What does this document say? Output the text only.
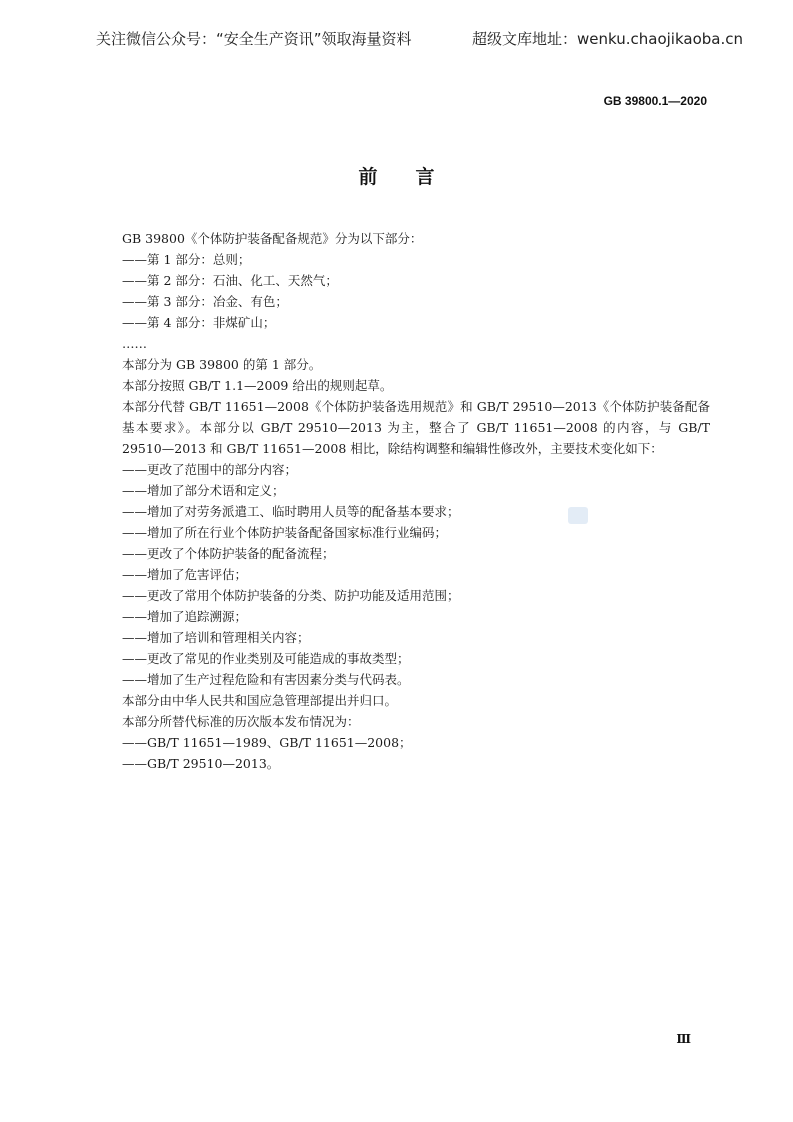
关注微信公众号：“安全生产资讯”领取海量资料	超级文库地址：wenku.chaojikaoba.cn
GB 39800.1—2020
前言

GB 39800《个体防护装备配备规范》分为以下部分：

——第 1 部分：总则；

——第 2 部分：石油、化工、天然气；

——第 3 部分：冶金、有色；

——第 4 部分：非煤矿山；

……

本部分为 GB 39800 的第 1 部分。

本部分按照 GB/T 1.1—2009 给出的规则起草。

本部分代替 GB/T 11651—2008《个体防护装备选用规范》和 GB/T 29510—2013《个体防护装备配备基本要求》。本部分以 GB/T 29510—2013 为主，整合了 GB/T 11651—2008 的内容，与 GB/T 29510—2013 和 GB/T 11651—2008 相比，除结构调整和编辑性修改外，主要技术变化如下：

——更改了范围中的部分内容；

——增加了部分术语和定义；

——增加了对劳务派遣工、临时聘用人员等的配备基本要求；

——增加了所在行业个体防护装备配备国家标准行业编码；

——更改了个体防护装备的配备流程；

——增加了危害评估；

——更改了常用个体防护装备的分类、防护功能及适用范围；

——增加了追踪溯源；

——增加了培训和管理相关内容；

——更改了常见的作业类别及可能造成的事故类型；

——增加了生产过程危险和有害因素分类与代码表。

本部分由中华人民共和国应急管理部提出并归口。

本部分所替代标准的历次版本发布情况为：

——GB/T 11651—1989、GB/T 11651—2008；

——GB/T 29510—2013。

Ⅲ
